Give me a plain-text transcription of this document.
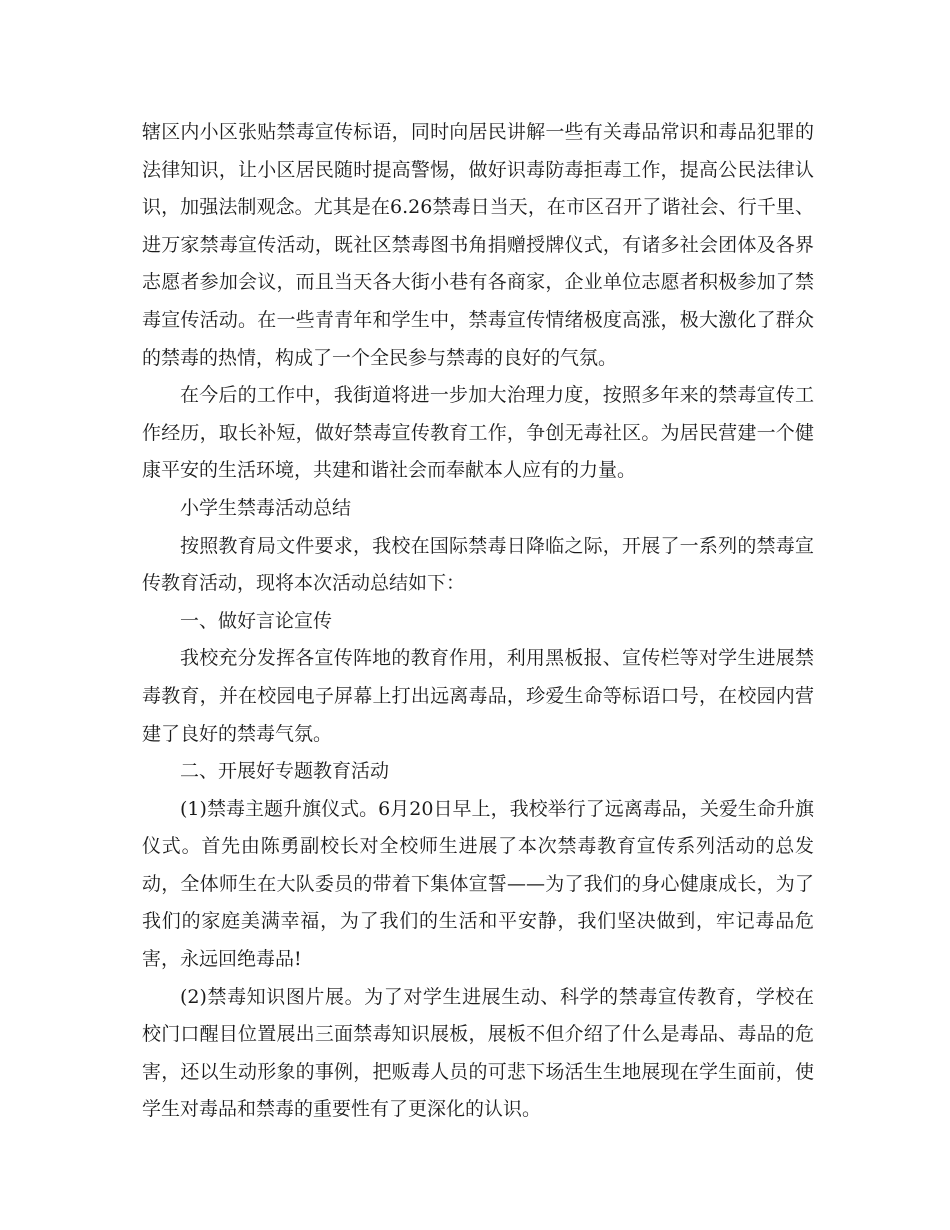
辖区内小区张贴禁毒宣传标语，同时向居民讲解一些有关毒品常识和毒品犯罪的法律知识，让小区居民随时提高警惕，做好识毒防毒拒毒工作，提高公民法律认识，加强法制观念。尤其是在6.26禁毒日当天，在市区召开了谐社会、行千里、进万家禁毒宣传活动，既社区禁毒图书角捐赠授牌仪式，有诸多社会团体及各界志愿者参加会议，而且当天各大街小巷有各商家，企业单位志愿者积极参加了禁毒宣传活动。在一些青青年和学生中，禁毒宣传情绪极度高涨，极大激化了群众的禁毒的热情，构成了一个全民参与禁毒的良好的气氛。

在今后的工作中，我街道将进一步加大治理力度，按照多年来的禁毒宣传工作经历，取长补短，做好禁毒宣传教育工作，争创无毒社区。为居民营建一个健康平安的生活环境，共建和谐社会而奉献本人应有的力量。

小学生禁毒活动总结

按照教育局文件要求，我校在国际禁毒日降临之际，开展了一系列的禁毒宣传教育活动，现将本次活动总结如下：

一、做好言论宣传

我校充分发挥各宣传阵地的教育作用，利用黑板报、宣传栏等对学生进展禁毒教育，并在校园电子屏幕上打出远离毒品，珍爱生命等标语口号，在校园内营建了良好的禁毒气氛。

二、开展好专题教育活动

(1)禁毒主题升旗仪式。6月20日早上，我校举行了远离毒品，关爱生命升旗仪式。首先由陈勇副校长对全校师生进展了本次禁毒教育宣传系列活动的总发动，全体师生在大队委员的带着下集体宣誓——为了我们的身心健康成长，为了我们的家庭美满幸福，为了我们的生活和平安静，我们坚决做到，牢记毒品危害，永远回绝毒品!

(2)禁毒知识图片展。为了对学生进展生动、科学的禁毒宣传教育，学校在校门口醒目位置展出三面禁毒知识展板，展板不但介绍了什么是毒品、毒品的危害，还以生动形象的事例，把贩毒人员的可悲下场活生生地展现在学生面前，使学生对毒品和禁毒的重要性有了更深化的认识。
